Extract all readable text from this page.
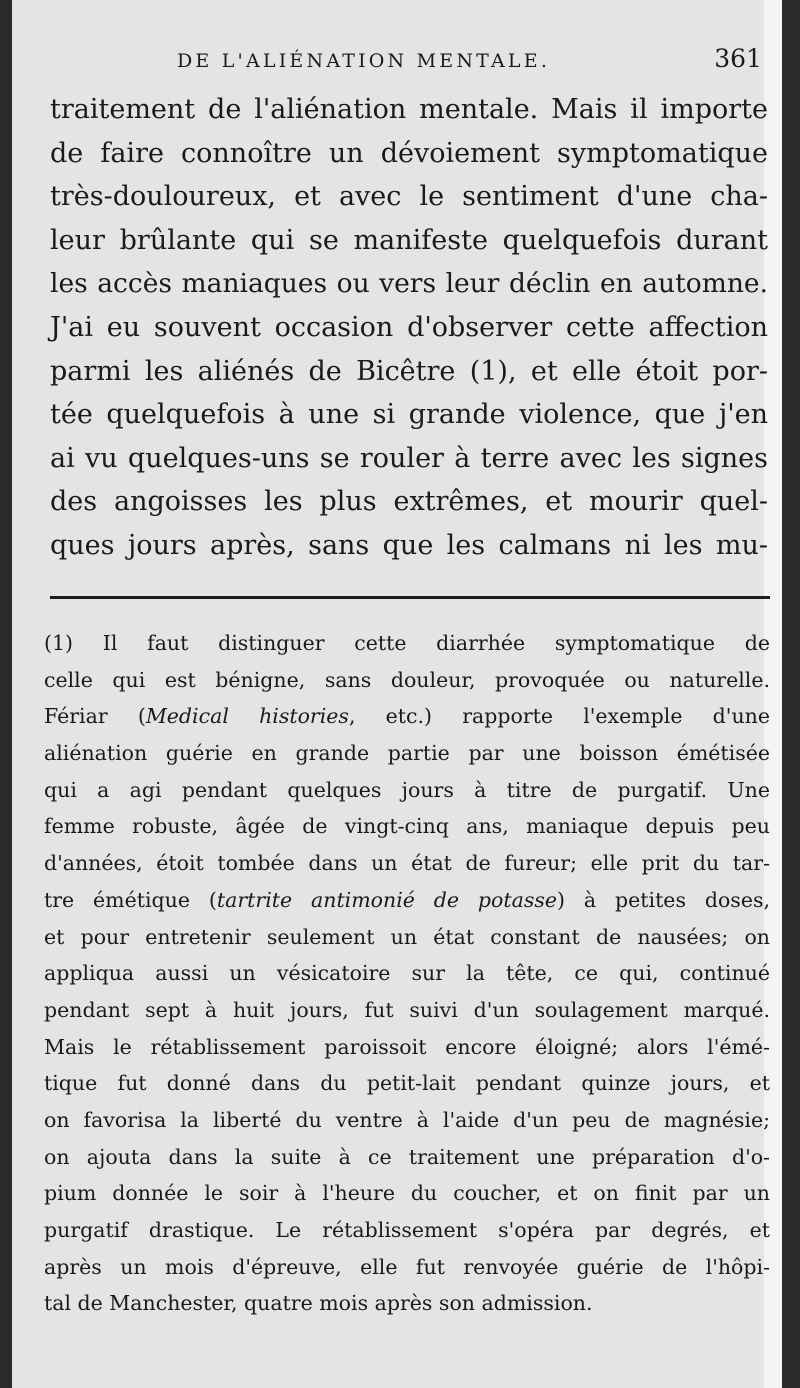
DE L'ALIÉNATION MENTALE.	361
traitement de l'aliénation mentale. Mais il importe
de faire connoître un dévoiement symptomatique
très-douloureux, et avec le sentiment d'une cha-
leur brûlante qui se manifeste quelquefois durant
les accès maniaques ou vers leur déclin en automne.
J'ai eu souvent occasion d'observer cette affection
parmi les aliénés de Bicêtre (1), et elle étoit por-
tée quelquefois à une si grande violence, que j'en
ai vu quelques-uns se rouler à terre avec les signes
des angoisses les plus extrêmes, et mourir quel-
ques jours après, sans que les calmans ni les mu-
(1) Il faut distinguer cette diarrhée symptomatique de
celle qui est bénigne, sans douleur, provoquée ou naturelle.
Fériar (Medical histories, etc.) rapporte l'exemple d'une
aliénation guérie en grande partie par une boisson émétisée
qui a agi pendant quelques jours à titre de purgatif. Une
femme robuste, âgée de vingt-cinq ans, maniaque depuis peu
d'années, étoit tombée dans un état de fureur; elle prit du tar-
tre émétique (tartrite antimonié de potasse) à petites doses,
et pour entretenir seulement un état constant de nausées; on
appliqua aussi un vésicatoire sur la tête, ce qui, continué
pendant sept à huit jours, fut suivi d'un soulagement marqué.
Mais le rétablissement paroissoit encore éloigné; alors l'émé-
tique fut donné dans du petit-lait pendant quinze jours, et
on favorisa la liberté du ventre à l'aide d'un peu de magnésie;
on ajouta dans la suite à ce traitement une préparation d'o-
pium donnée le soir à l'heure du coucher, et on finit par un
purgatif drastique. Le rétablissement s'opéra par degrés, et
après un mois d'épreuve, elle fut renvoyée guérie de l'hôpi-
tal de Manchester, quatre mois après son admission.
